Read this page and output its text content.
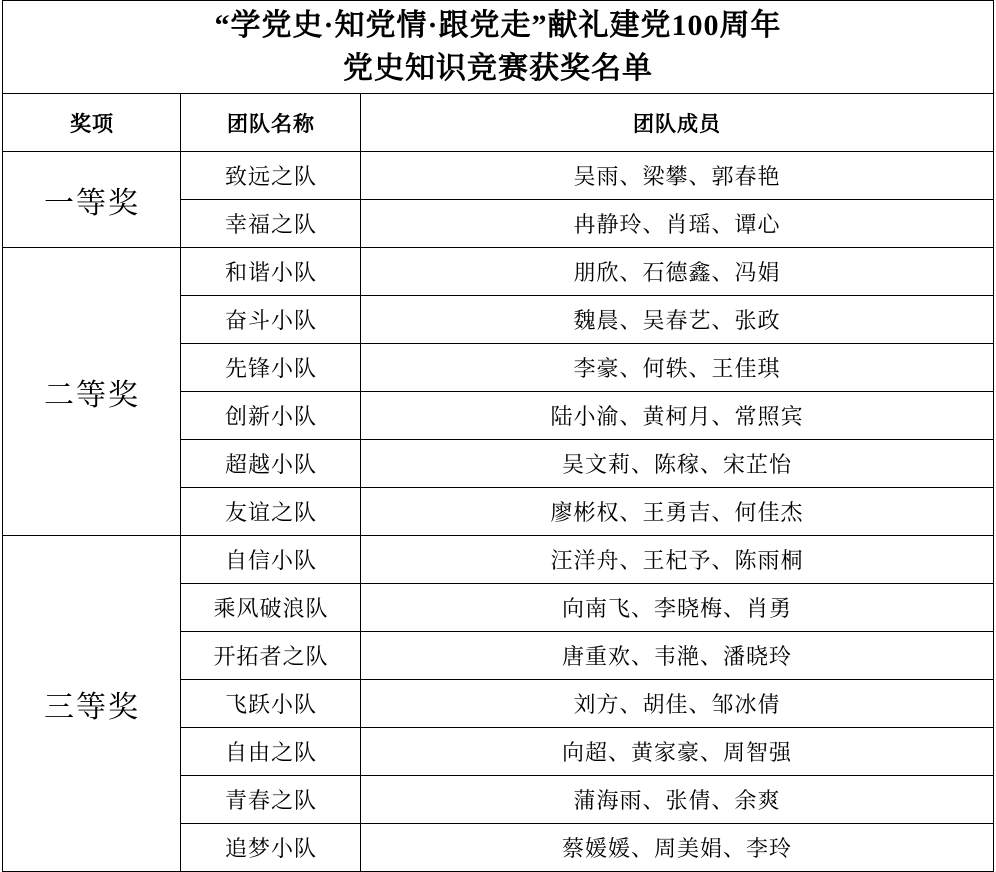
“学党史·知党情·跟党走”献礼建党100周年
党史知识竞赛获奖名单		

奖项	团队名称	团队成员
一等奖	致远之队	吴雨、梁攀、郭春艳
	幸福之队	冉静玲、肖瑶、谭心
二等奖	和谐小队	朋欣、石德鑫、冯娟
	奋斗小队	魏晨、吴春艺、张政
	先锋小队	李豪、何轶、王佳琪
	创新小队	陆小渝、黄柯月、常照宾
	超越小队	吴文莉、陈稼、宋芷怡
	友谊之队	廖彬权、王勇吉、何佳杰
三等奖	自信小队	汪洋舟、王杞予、陈雨桐
	乘风破浪队	向南飞、李晓梅、肖勇
	开拓者之队	唐重欢、韦滟、潘晓玲
	飞跃小队	刘方、胡佳、邹冰倩
	自由之队	向超、黄家豪、周智强
	青春之队	蒲海雨、张倩、余爽
	追梦小队	蔡媛媛、周美娟、李玲
